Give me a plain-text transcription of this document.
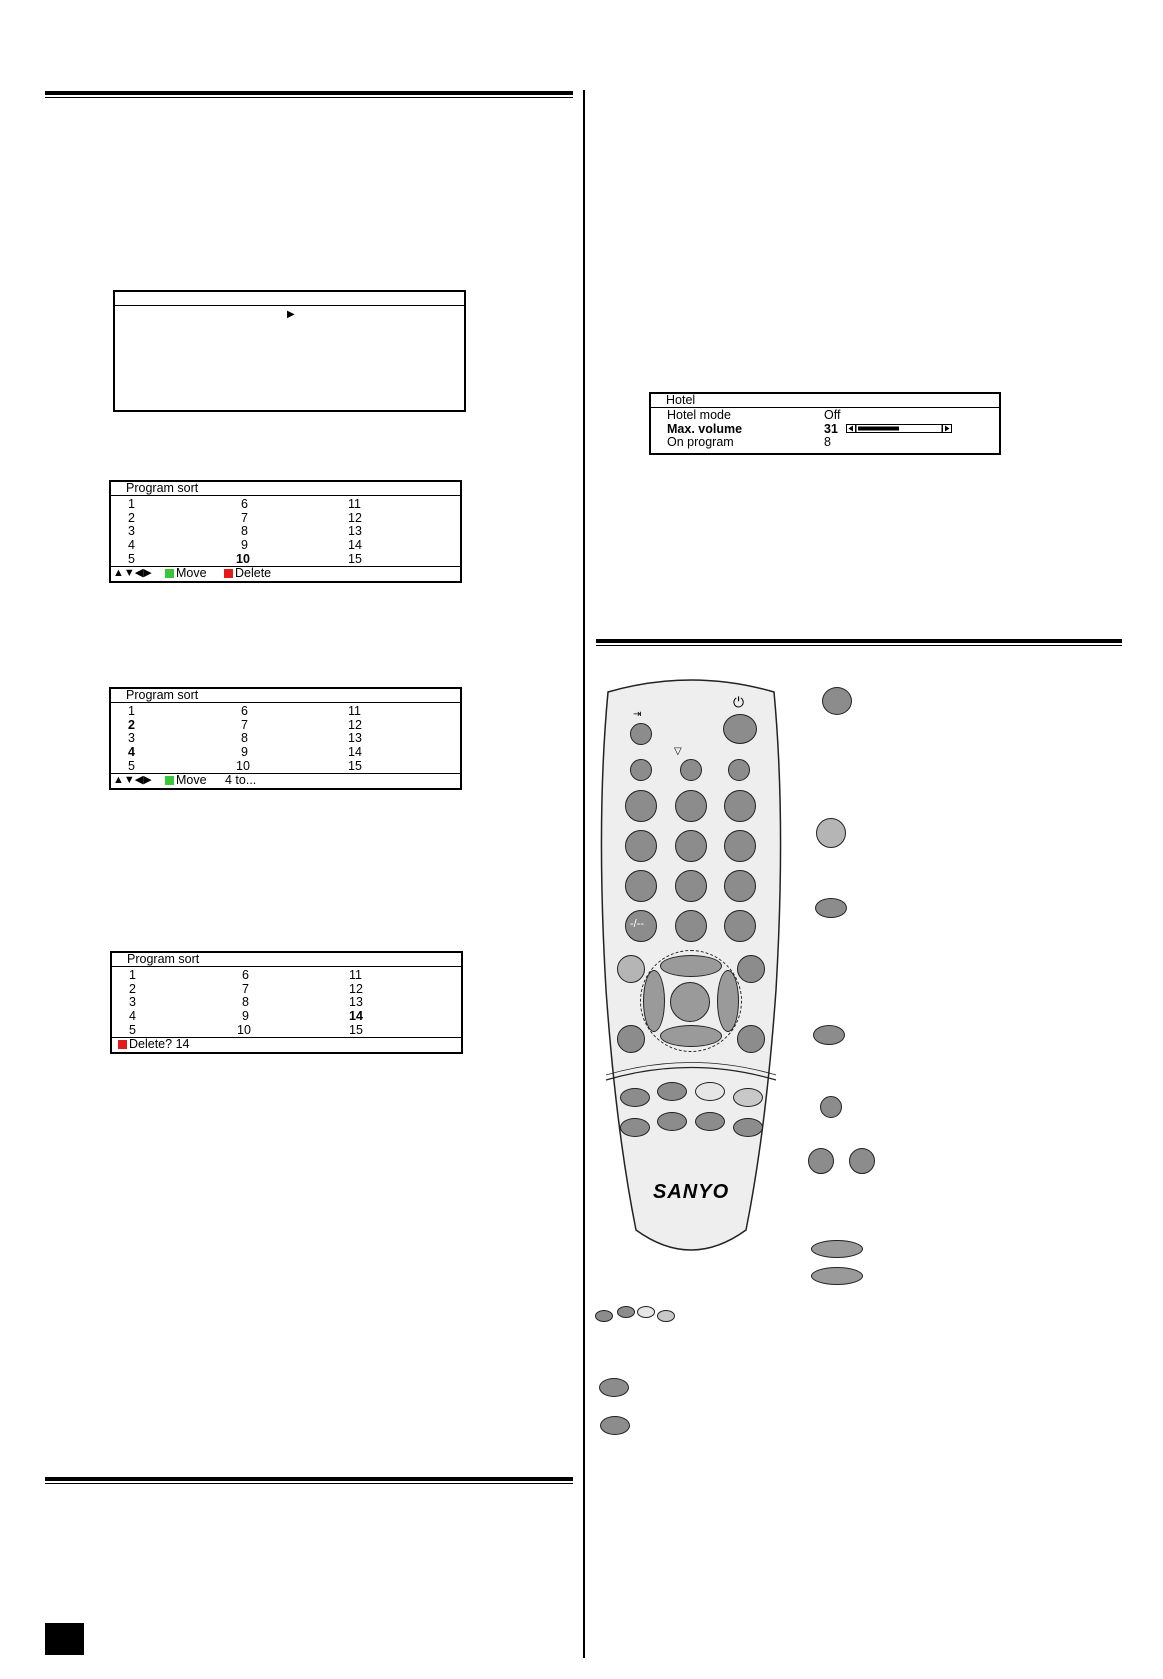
▶
Program sort
1
2
3
4
5
6
7
8
9
10
11
12
13
14
15
▲▼◀▶	Move	Delete
Program sort
1
2
3
4
5
6
7
8
9
10
11
12
13
14
15
▲▼◀▶	Move 4 to...
Program sort
1
2
3
4
5
6
7
8
9
10
11
12
13
14
15
Delete? 14
Hotel
Hotel mode
Max. volume
On program
Off
31
8
⇥
⏻
▽
-/--
SANYO
